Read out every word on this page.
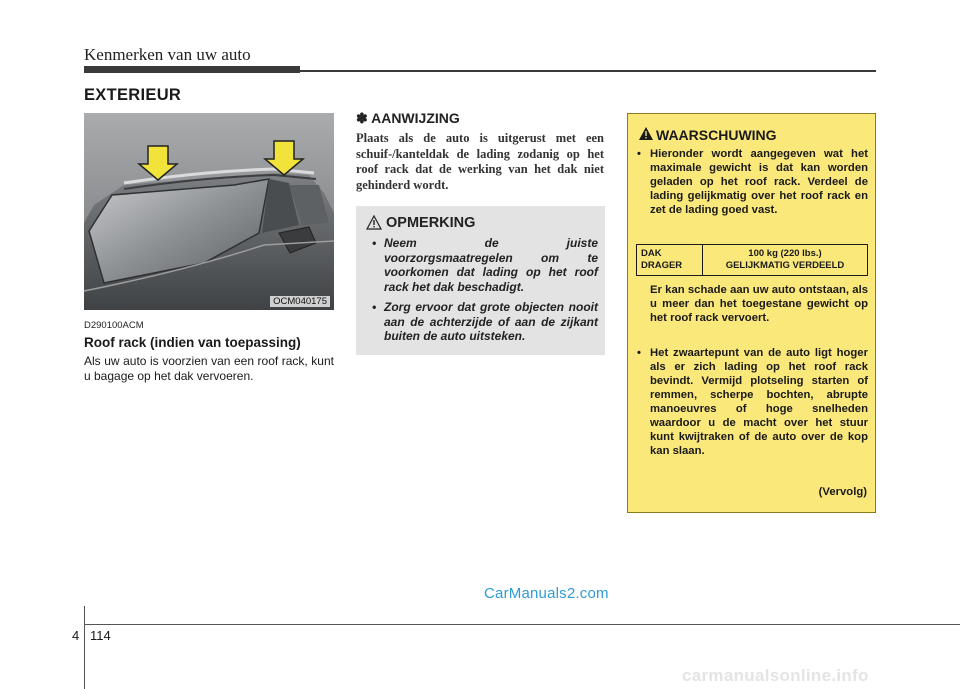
Kenmerken van uw auto
EXTERIEUR
OCM040175
D290100ACM
Roof rack (indien van toepassing)
Als uw auto is voorzien van een roof rack, kunt u bagage op het dak vervoeren.
✽ AANWIJZING
Plaats als de auto is uitgerust met een schuif-/kanteldak de lading zodanig op het roof rack dat de werking van het dak niet gehinderd wordt.
OPMERKING
• Neem de juiste voorzorgsmaatregelen om te voorkomen dat lading op het roof rack het dak beschadigt.
• Zorg ervoor dat grote objecten nooit aan de achterzijde of aan de zijkant buiten de auto uitsteken.
WAARSCHUWING
• Hieronder wordt aangegeven wat het maximale gewicht is dat kan worden geladen op het roof rack. Verdeel de lading gelijkmatig over het roof rack en zet de lading goed vast.
DAK
DRAGER
100 kg (220 lbs.)
GELIJKMATIG VERDEELD
Er kan schade aan uw auto ontstaan, als u meer dan het toegestane gewicht op het roof rack vervoert.
• Het zwaartepunt van de auto ligt hoger als er zich lading op het roof rack bevindt. Vermijd plotseling starten of remmen, scherpe bochten, abrupte manoeuvres of hoge snelheden waardoor u de macht over het stuur kunt kwijtraken of de auto over de kop kan slaan.
(Vervolg)
CarManuals2.com
4 114
carmanualsonline.info
